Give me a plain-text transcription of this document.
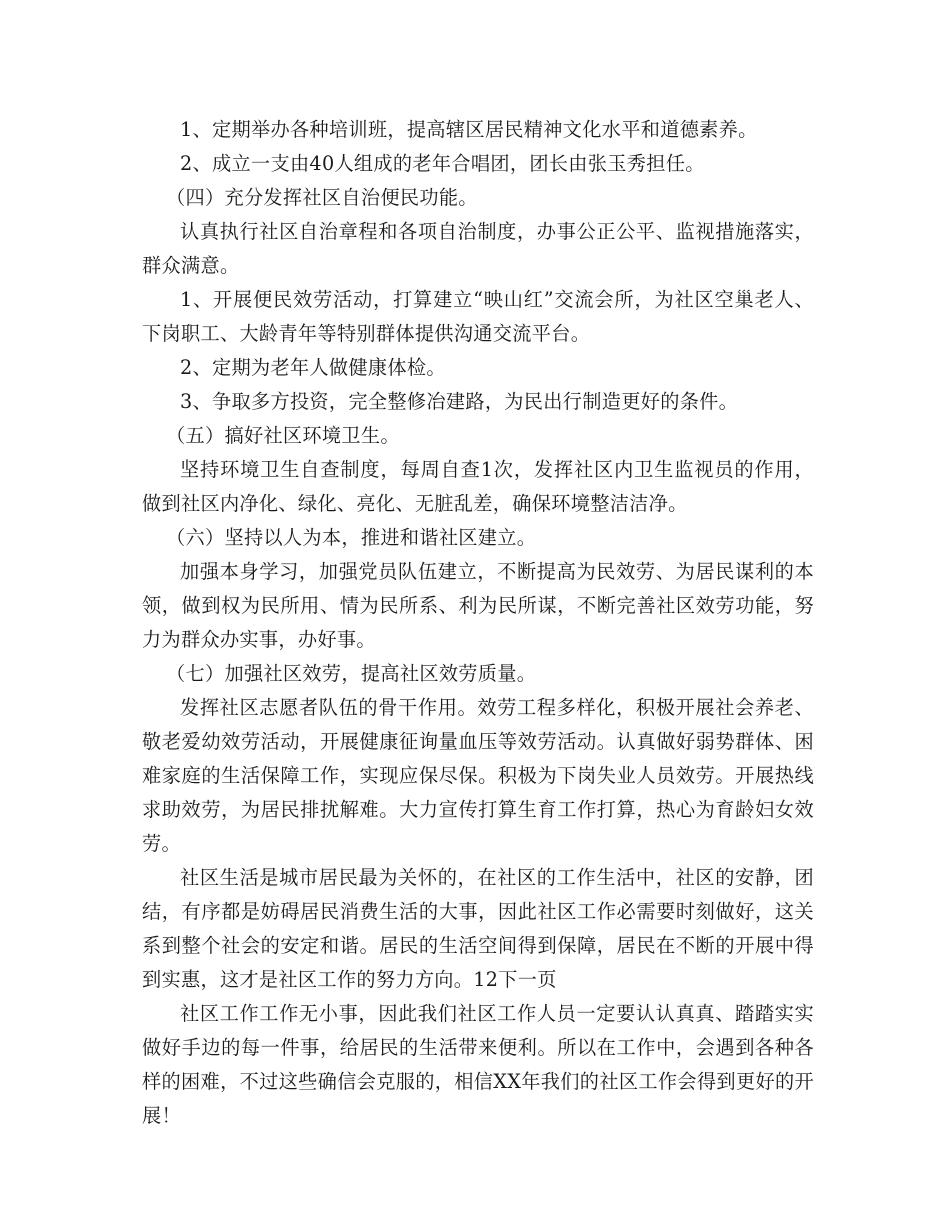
1、定期举办各种培训班，提高辖区居民精神文化水平和道德素养。

2、成立一支由40人组成的老年合唱团，团长由张玉秀担任。

（四）充分发挥社区自治便民功能。

认真执行社区自治章程和各项自治制度，办事公正公平、监视措施落实，群众满意。

1、开展便民效劳活动，打算建立“映山红”交流会所，为社区空巢老人、下岗职工、大龄青年等特别群体提供沟通交流平台。

2、定期为老年人做健康体检。

3、争取多方投资，完全整修冶建路，为民出行制造更好的条件。

（五）搞好社区环境卫生。

坚持环境卫生自查制度，每周自查1次，发挥社区内卫生监视员的作用，做到社区内净化、绿化、亮化、无脏乱差，确保环境整洁洁净。

（六）坚持以人为本，推进和谐社区建立。

加强本身学习，加强党员队伍建立，不断提高为民效劳、为居民谋利的本领，做到权为民所用、情为民所系、利为民所谋，不断完善社区效劳功能，努力为群众办实事，办好事。

（七）加强社区效劳，提高社区效劳质量。

发挥社区志愿者队伍的骨干作用。效劳工程多样化，积极开展社会养老、敬老爱幼效劳活动，开展健康征询量血压等效劳活动。认真做好弱势群体、困难家庭的生活保障工作，实现应保尽保。积极为下岗失业人员效劳。开展热线求助效劳，为居民排扰解难。大力宣传打算生育工作打算，热心为育龄妇女效劳。

社区生活是城市居民最为关怀的，在社区的工作生活中，社区的安静，团结，有序都是妨碍居民消费生活的大事，因此社区工作必需要时刻做好，这关系到整个社会的安定和谐。居民的生活空间得到保障，居民在不断的开展中得到实惠，这才是社区工作的努力方向。12下一页

社区工作工作无小事，因此我们社区工作人员一定要认认真真、踏踏实实做好手边的每一件事，给居民的生活带来便利。所以在工作中，会遇到各种各样的困难，不过这些确信会克服的，相信XX年我们的社区工作会得到更好的开展！
